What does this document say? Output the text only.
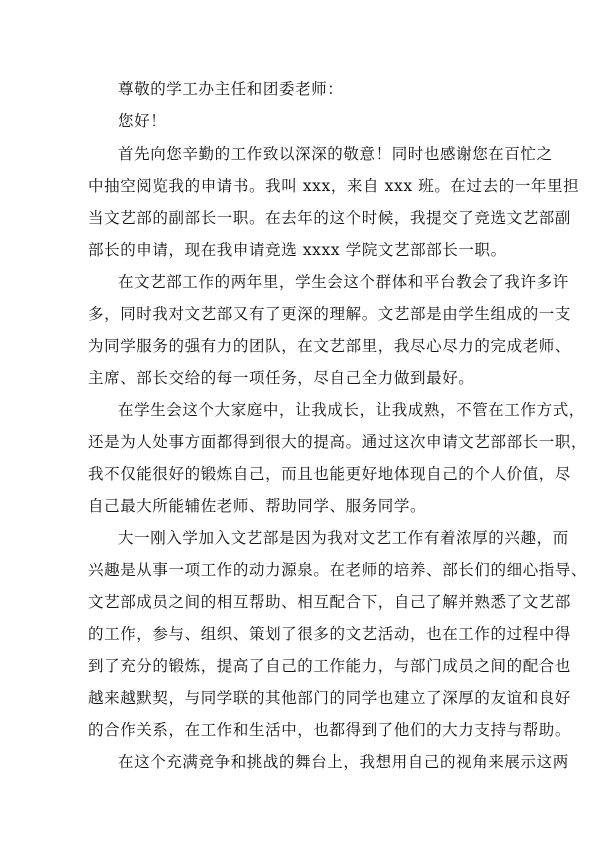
尊敬的学工办主任和团委老师：
您好！
首先向您辛勤的工作致以深深的敬意！同时也感谢您在百忙之
中抽空阅览我的申请书。我叫 xxx，来自 xxx 班。在过去的一年里担
当文艺部的副部长一职。在去年的这个时候，我提交了竞选文艺部副
部长的申请，现在我申请竞选 xxxx 学院文艺部部长一职。
在文艺部工作的两年里，学生会这个群体和平台教会了我许多许
多，同时我对文艺部又有了更深的理解。文艺部是由学生组成的一支
为同学服务的强有力的团队，在文艺部里，我尽心尽力的完成老师、
主席、部长交给的每一项任务，尽自己全力做到最好。
在学生会这个大家庭中，让我成长，让我成熟，不管在工作方式，
还是为人处事方面都得到很大的提高。通过这次申请文艺部部长一职，
我不仅能很好的锻炼自己，而且也能更好地体现自己的个人价值，尽
自己最大所能辅佐老师、帮助同学、服务同学。
大一刚入学加入文艺部是因为我对文艺工作有着浓厚的兴趣，而
兴趣是从事一项工作的动力源泉。在老师的培养、部长们的细心指导、
文艺部成员之间的相互帮助、相互配合下，自己了解并熟悉了文艺部
的工作，参与、组织、策划了很多的文艺活动，也在工作的过程中得
到了充分的锻炼，提高了自己的工作能力，与部门成员之间的配合也
越来越默契，与同学联的其他部门的同学也建立了深厚的友谊和良好
的合作关系，在工作和生活中，也都得到了他们的大力支持与帮助。
在这个充满竞争和挑战的舞台上，我想用自己的视角来展示这两
